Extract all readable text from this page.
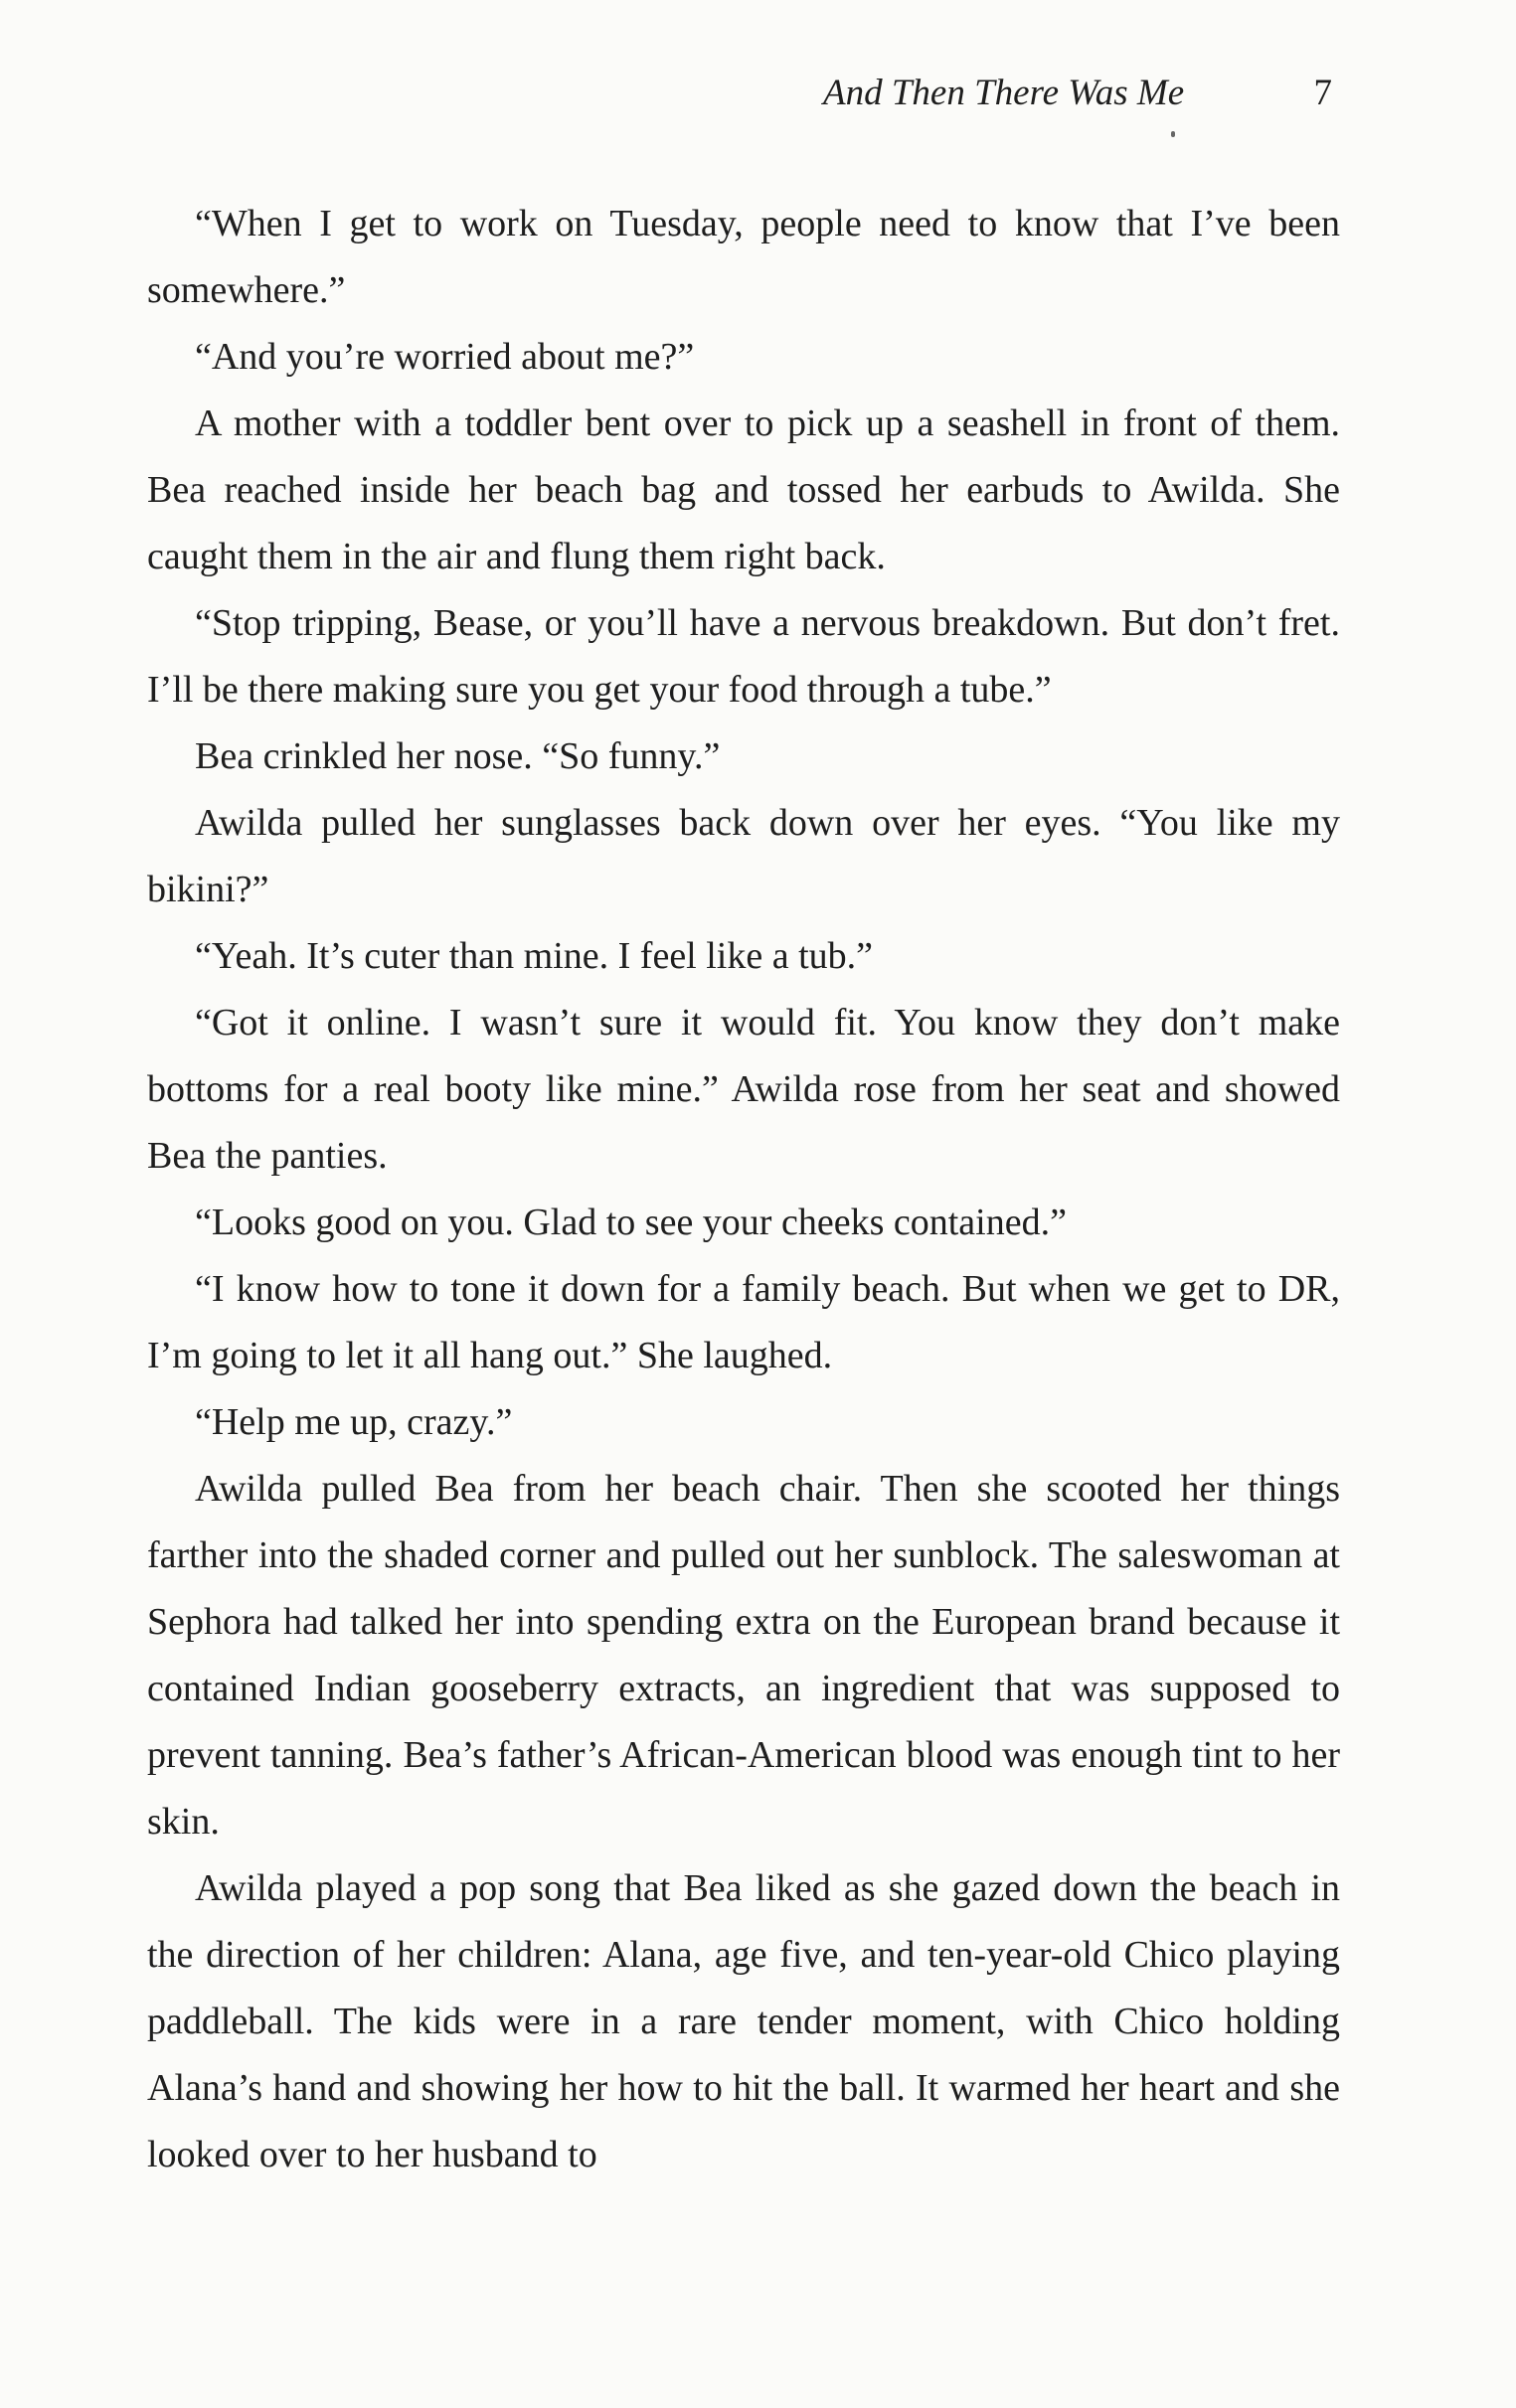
And Then There Was Me	7

“When I get to work on Tuesday, people need to know that I’ve been somewhere.”

“And you’re worried about me?”

A mother with a toddler bent over to pick up a seashell in front of them. Bea reached inside her beach bag and tossed her earbuds to Awilda. She caught them in the air and flung them right back.

“Stop tripping, Bease, or you’ll have a nervous breakdown. But don’t fret. I’ll be there making sure you get your food through a tube.”

Bea crinkled her nose. “So funny.”

Awilda pulled her sunglasses back down over her eyes. “You like my bikini?”

“Yeah. It’s cuter than mine. I feel like a tub.”

“Got it online. I wasn’t sure it would fit. You know they don’t make bottoms for a real booty like mine.” Awilda rose from her seat and showed Bea the panties.

“Looks good on you. Glad to see your cheeks contained.”

“I know how to tone it down for a family beach. But when we get to DR, I’m going to let it all hang out.” She laughed.

“Help me up, crazy.”

Awilda pulled Bea from her beach chair. Then she scooted her things farther into the shaded corner and pulled out her sunblock. The saleswoman at Sephora had talked her into spending extra on the European brand because it contained Indian gooseberry extracts, an ingredient that was supposed to prevent tanning. Bea’s father’s African-American blood was enough tint to her skin.

Awilda played a pop song that Bea liked as she gazed down the beach in the direction of her children: Alana, age five, and ten-year-old Chico playing paddleball. The kids were in a rare tender moment, with Chico holding Alana’s hand and showing her how to hit the ball. It warmed her heart and she looked over to her husband to
